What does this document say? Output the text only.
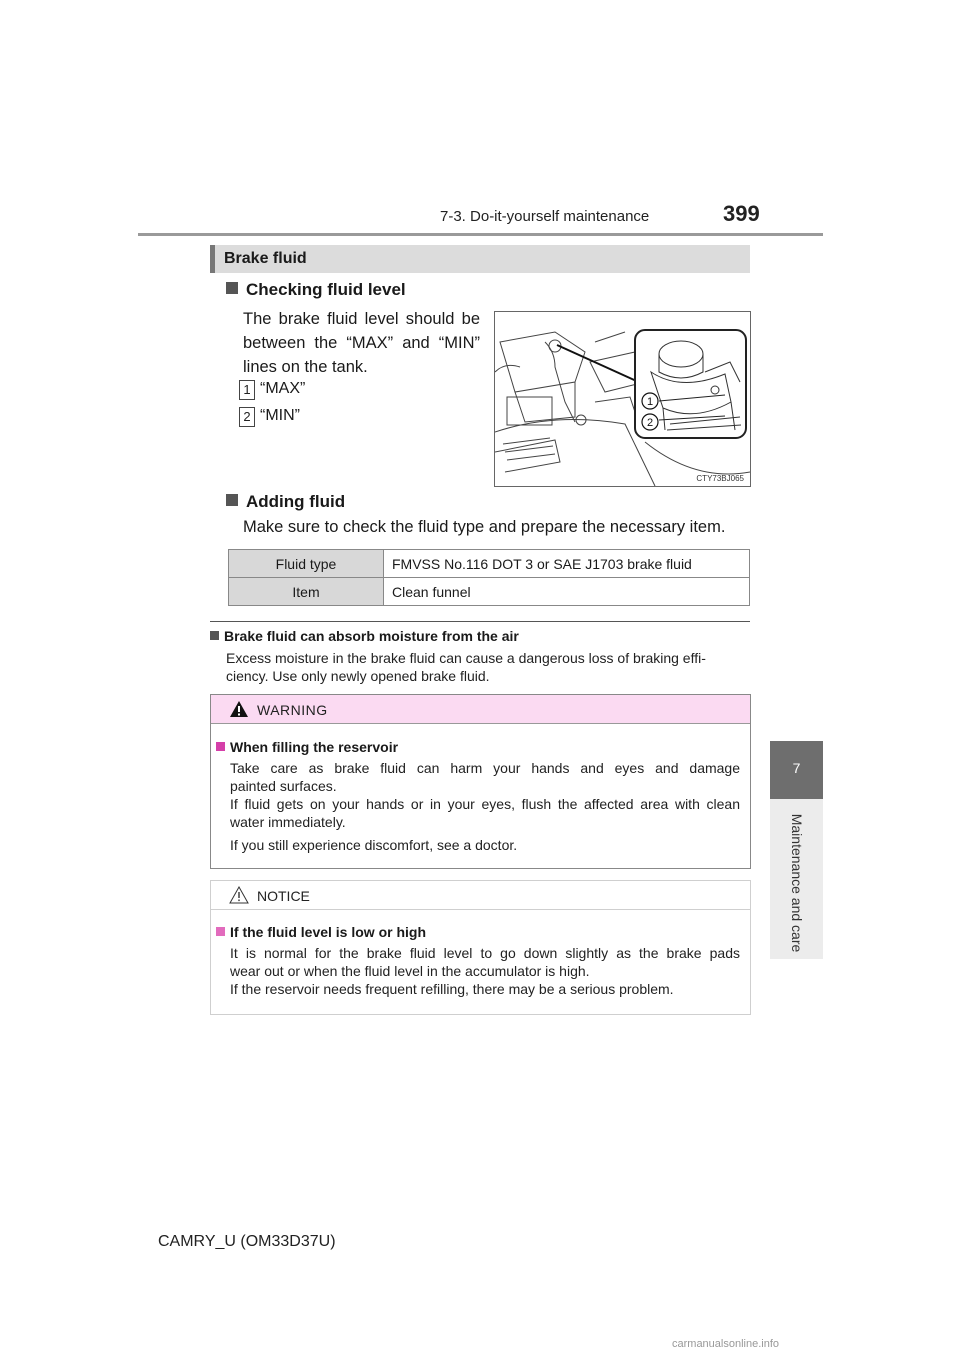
7-3. Do-it-yourself maintenance	399
7
Maintenance and care
Brake fluid
Checking fluid level
The brake fluid level should be
between the “MAX” and “MIN”
lines on the tank.
1 “MAX”
2 “MIN”
1
2
CTY73BJ065
Adding fluid
Make sure to check the fluid type and prepare the necessary item.
Fluid type	FMVSS No.116 DOT 3 or SAE J1703 brake fluid
Item	Clean funnel
Brake fluid can absorb moisture from the air
Excess moisture in the brake fluid can cause a dangerous loss of braking effi-
ciency. Use only newly opened brake fluid.
WARNING
When filling the reservoir
Take care as brake fluid can harm your hands and eyes and damage
painted surfaces.
If fluid gets on your hands or in your eyes, flush the affected area with clean
water immediately.
If you still experience discomfort, see a doctor.
NOTICE
If the fluid level is low or high
It is normal for the brake fluid level to go down slightly as the brake pads
wear out or when the fluid level in the accumulator is high.
If the reservoir needs frequent refilling, there may be a serious problem.
CAMRY_U (OM33D37U)
carmanualsonline.info
